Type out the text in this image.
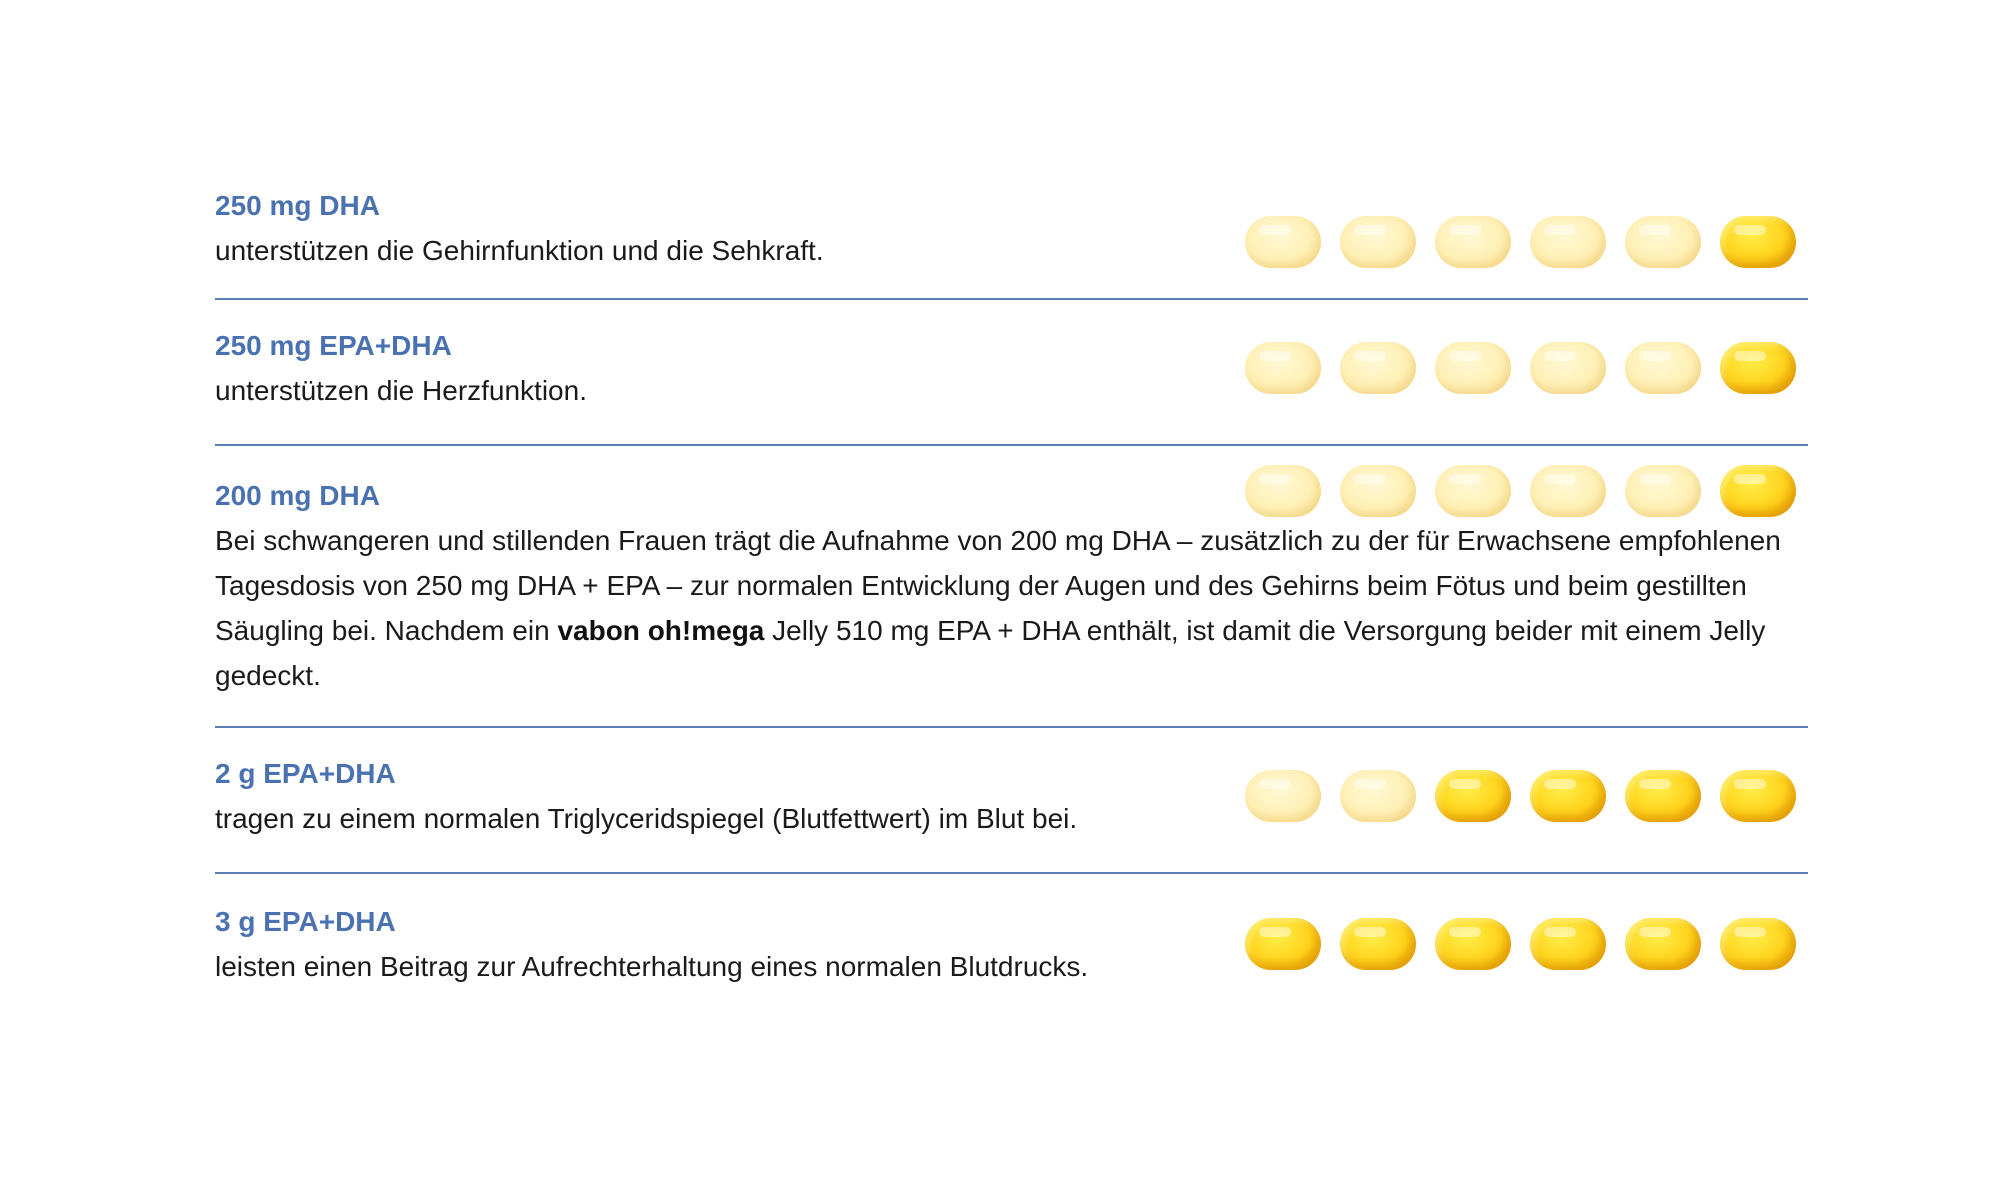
250 mg DHA

unterstützen die Gehirnfunktion und die Sehkraft.

250 mg EPA+DHA

unterstützen die Herzfunktion.

200 mg DHA

Bei schwangeren und stillenden Frauen trägt die Aufnahme von 200 mg DHA – zusätzlich zu der für Erwachsene empfohlenen Tagesdosis von 250 mg DHA + EPA – zur normalen Entwicklung der Augen und des Gehirns beim Fötus und beim gestillten Säugling bei. Nachdem ein vabon oh!mega Jelly 510 mg EPA + DHA enthält, ist damit die Versorgung beider mit einem Jelly gedeckt.

2 g EPA+DHA

tragen zu einem normalen Triglyceridspiegel (Blutfettwert) im Blut bei.

3 g EPA+DHA

leisten einen Beitrag zur Aufrechterhaltung eines normalen Blutdrucks.
